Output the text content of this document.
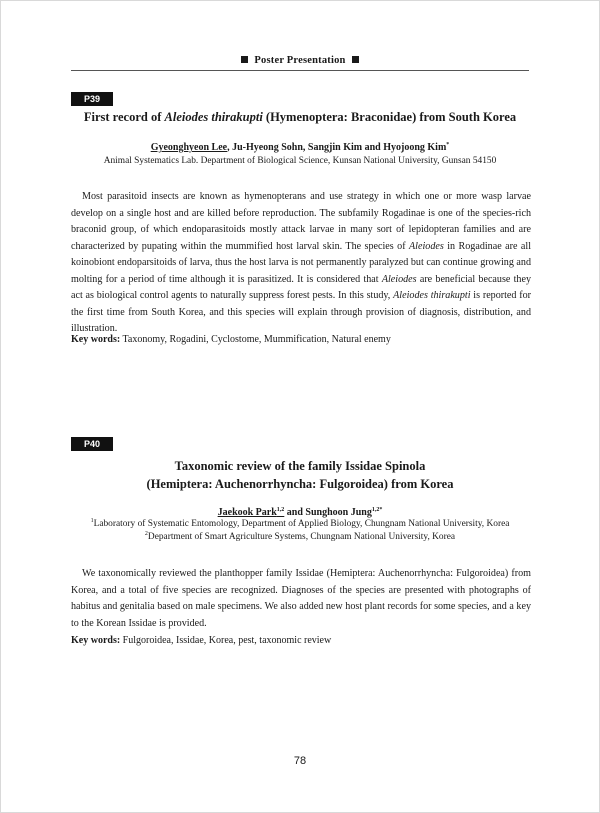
Poster Presentation
P39
First record of Aleiodes thirakupti (Hymenoptera: Braconidae) from South Korea
Gyeonghyeon Lee, Ju-Hyeong Sohn, Sangjin Kim and Hyojoong Kim*
Animal Systematics Lab. Department of Biological Science, Kunsan National University, Gunsan 54150

Most parasitoid insects are known as hymenopterans and use strategy in which one or more wasp larvae develop on a single host and are killed before reproduction. The subfamily Rogadinae is one of the species-rich braconid group, of which endoparasitoids mostly attack larvae in many sort of lepidopteran families and are characterized by pupating within the mummified host larval skin. The species of Aleiodes in Rogadinae are all koinobiont endoparsitoids of larva, thus the host larva is not permanently paralyzed but can continue growing and molting for a period of time although it is parasitized. It is considered that Aleiodes are beneficial because they act as biological control agents to naturally suppress forest pests. In this study, Aleiodes thirakupti is reported for the first time from South Korea, and this species will explain through provision of diagnosis, distribution, and illustration.

Key words: Taxonomy, Rogadini, Cyclostome, Mummification, Natural enemy
P40
Taxonomic review of the family Issidae Spinola
(Hemiptera: Auchenorrhyncha: Fulgoroidea) from Korea
Jaekook Park$^{1,2}$ and Sunghoon Jung$^{1,2*}$
$^1$Laboratory of Systematic Entomology, Department of Applied Biology, Chungnam National University, Korea
$^2$Department of Smart Agriculture Systems, Chungnam National University, Korea

We taxonomically reviewed the planthopper family Issidae (Hemiptera: Auchenorrhyncha: Fulgoroidea) from Korea, and a total of five species are recognized. Diagnoses of the species are presented with photographs of habitus and genitalia based on male specimens. We also added new host plant records for some species, and a key to the Korean Issidae is provided.

Key words: Fulgoroidea, Issidae, Korea, pest, taxonomic review
78
